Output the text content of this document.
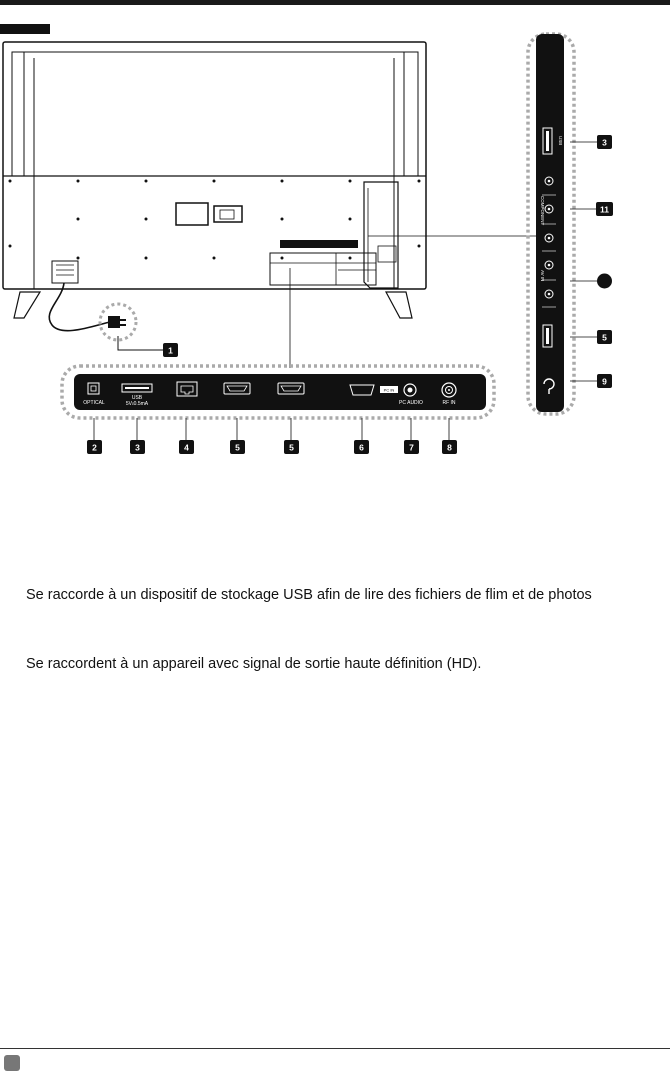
1
OPTICAL
USB
5V⏓0.5mA
PC IN
PC AUDIO	RF IN
2	3	4	5	5	6	7	8
USB
COMPONENT
AV IN
3
11
5
9
Se raccorde à un dispositif de stockage USB afin de lire des fichiers de flim et de photos
Se raccordent à un appareil avec signal de sortie haute définition (HD).
